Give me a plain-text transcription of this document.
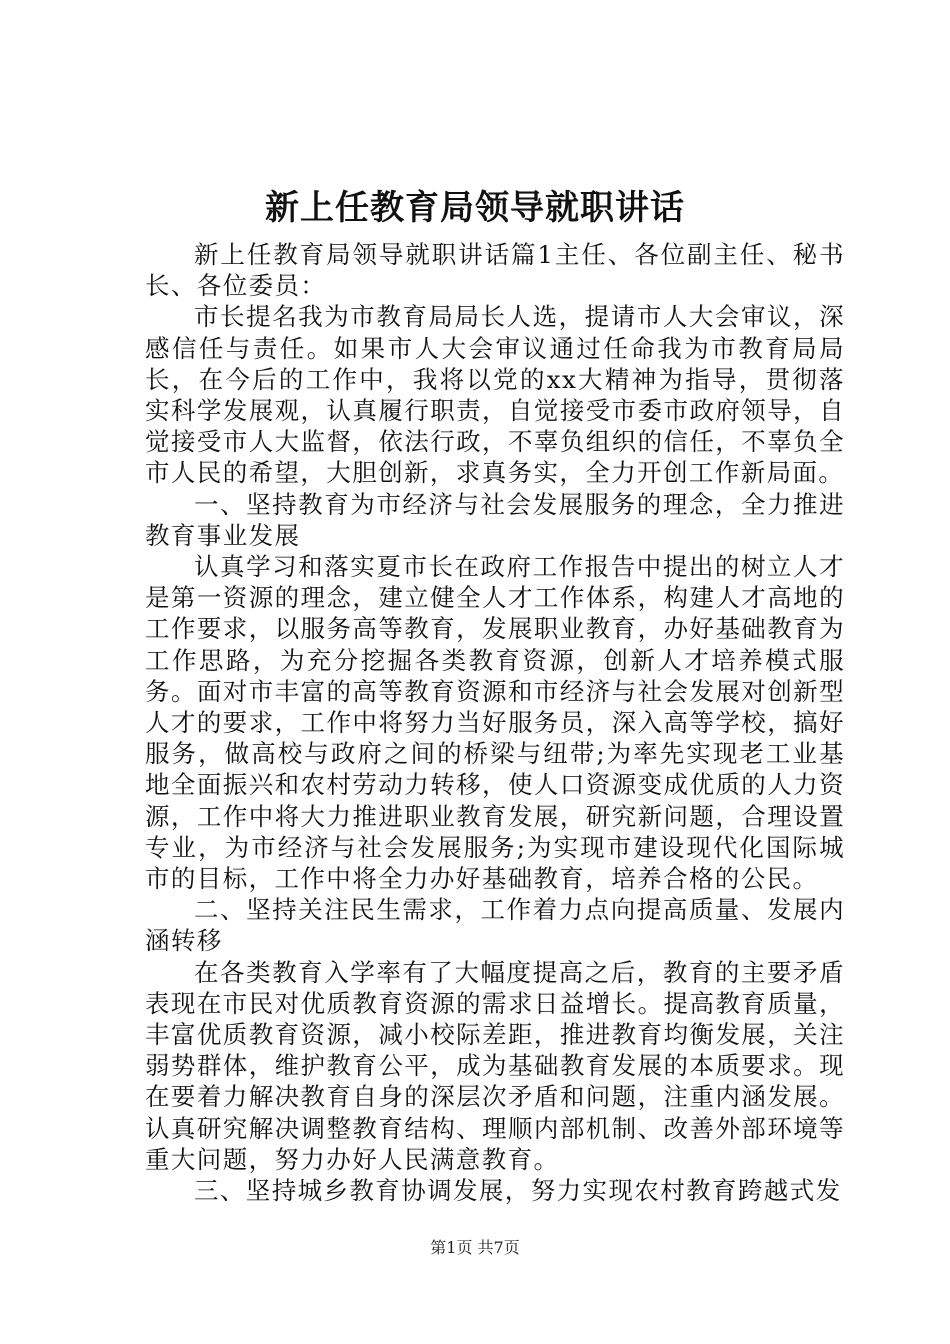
新上任教育局领导就职讲话

新上任教育局领导就职讲话篇1主任、各位副主任、秘书长、各位委员：

市长提名我为市教育局局长人选，提请市人大会审议，深感信任与责任。如果市人大会审议通过任命我为市教育局局长，在今后的工作中，我将以党的xx大精神为指导，贯彻落实科学发展观，认真履行职责，自觉接受市委市政府领导，自觉接受市人大监督，依法行政，不辜负组织的信任，不辜负全市人民的希望，大胆创新，求真务实，全力开创工作新局面。

一、坚持教育为市经济与社会发展服务的理念，全力推进教育事业发展

认真学习和落实夏市长在政府工作报告中提出的树立人才是第一资源的理念，建立健全人才工作体系，构建人才高地的工作要求，以服务高等教育，发展职业教育，办好基础教育为工作思路，为充分挖掘各类教育资源，创新人才培养模式服务。面对市丰富的高等教育资源和市经济与社会发展对创新型人才的要求，工作中将努力当好服务员，深入高等学校，搞好服务，做高校与政府之间的桥梁与纽带;为率先实现老工业基地全面振兴和农村劳动力转移，使人口资源变成优质的人力资源，工作中将大力推进职业教育发展，研究新问题，合理设置专业，为市经济与社会发展服务;为实现市建设现代化国际城市的目标，工作中将全力办好基础教育，培养合格的公民。

二、坚持关注民生需求，工作着力点向提高质量、发展内涵转移

在各类教育入学率有了大幅度提高之后，教育的主要矛盾表现在市民对优质教育资源的需求日益增长。提高教育质量，丰富优质教育资源，减小校际差距，推进教育均衡发展，关注弱势群体，维护教育公平，成为基础教育发展的本质要求。现在要着力解决教育自身的深层次矛盾和问题，注重内涵发展。认真研究解决调整教育结构、理顺内部机制、改善外部环境等重大问题，努力办好人民满意教育。

三、坚持城乡教育协调发展，努力实现农村教育跨越式发

第1页 共7页
